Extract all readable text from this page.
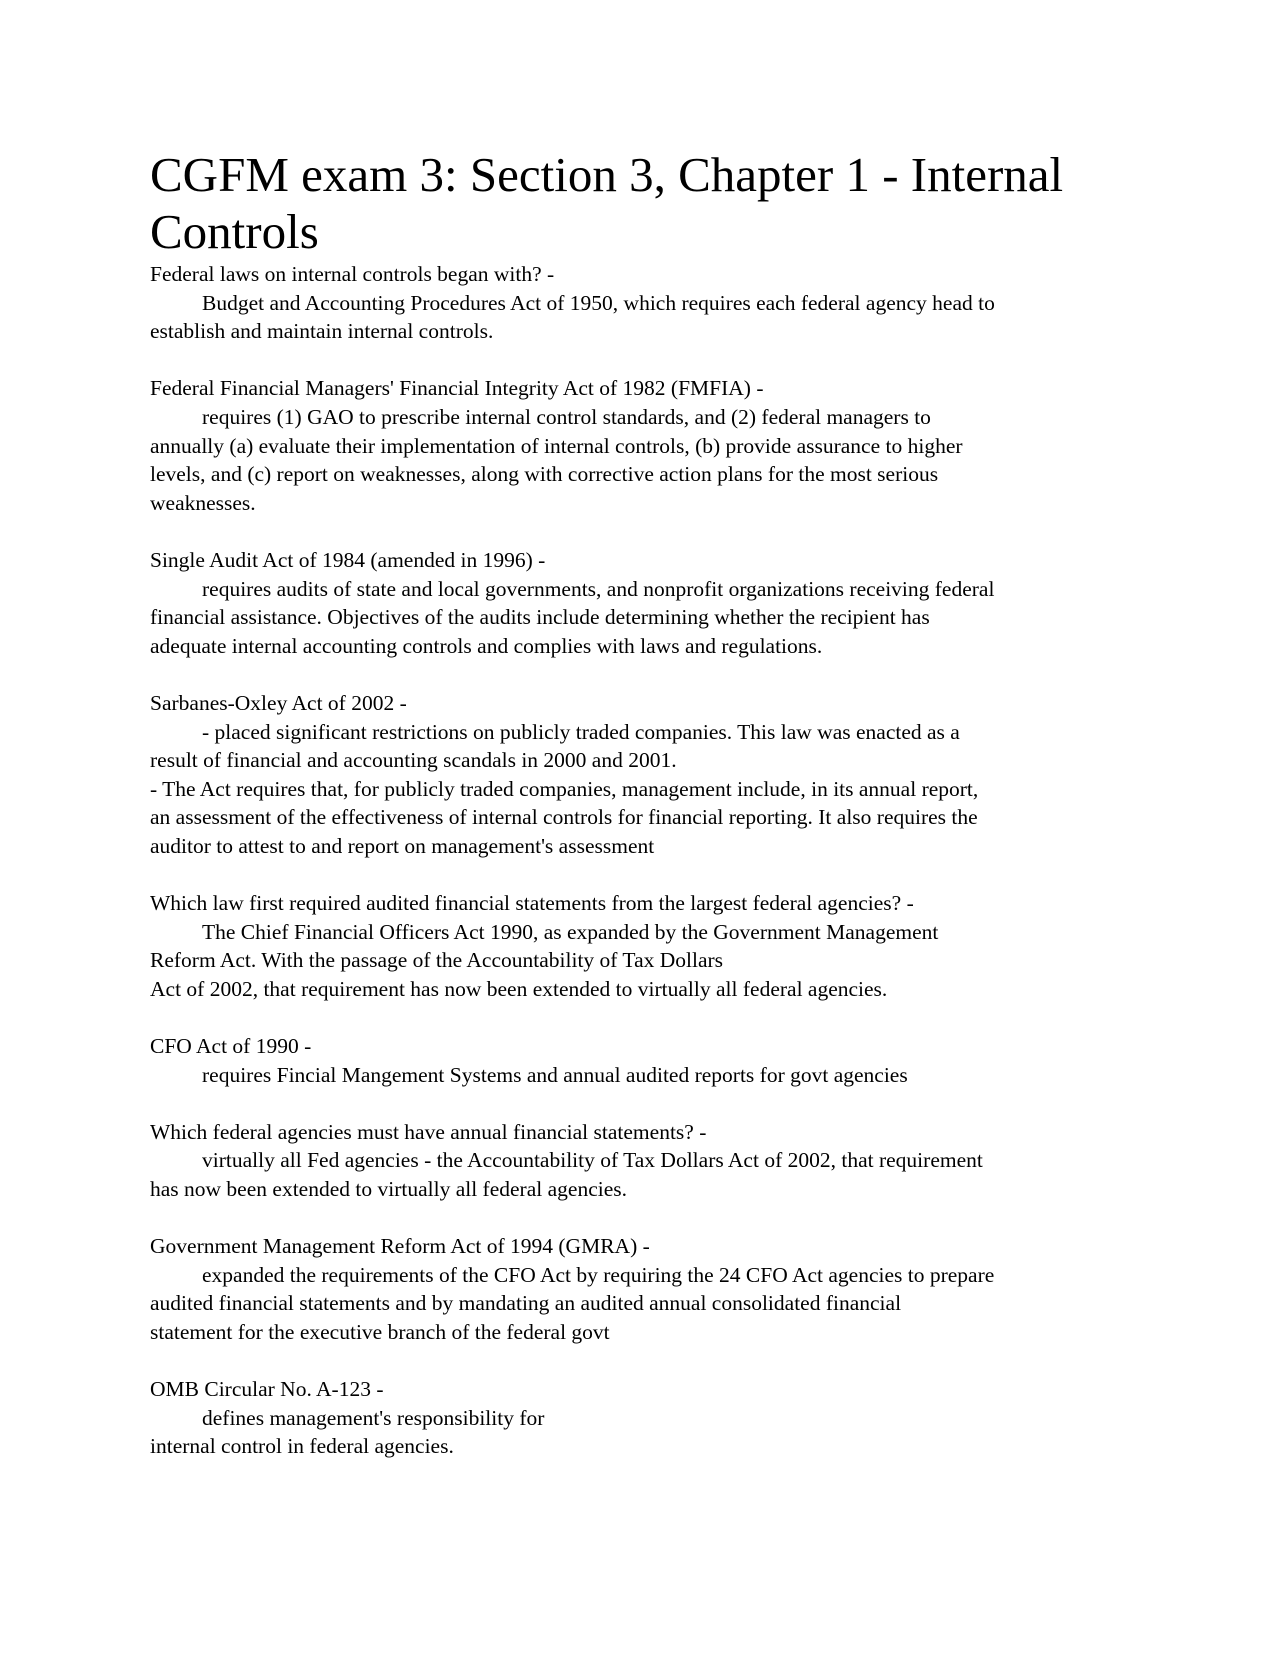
CGFM exam 3: Section 3, Chapter 1 - Internal Controls
Federal laws on internal controls began with? -
Budget and Accounting Procedures Act of 1950, which requires each federal agency head to
establish and maintain internal controls.
Federal Financial Managers' Financial Integrity Act of 1982 (FMFIA) -
requires (1) GAO to prescribe internal control standards, and (2) federal managers to
annually (a) evaluate their implementation of internal controls, (b) provide assurance to higher
levels, and (c) report on weaknesses, along with corrective action plans for the most serious
weaknesses.
Single Audit Act of 1984 (amended in 1996) -
requires audits of state and local governments, and nonprofit organizations receiving federal
financial assistance. Objectives of the audits include determining whether the recipient has
adequate internal accounting controls and complies with laws and regulations.
Sarbanes-Oxley Act of 2002 -
- placed significant restrictions on publicly traded companies. This law was enacted as a
result of financial and accounting scandals in 2000 and 2001.
- The Act requires that, for publicly traded companies, management include, in its annual report,
an assessment of the effectiveness of internal controls for financial reporting. It also requires the
auditor to attest to and report on management's assessment
Which law first required audited financial statements from the largest federal agencies? -
The Chief Financial Officers Act 1990, as expanded by the Government Management
Reform Act. With the passage of the Accountability of Tax Dollars
Act of 2002, that requirement has now been extended to virtually all federal agencies.
CFO Act of 1990 -
requires Fincial Mangement Systems and annual audited reports for govt agencies
Which federal agencies must have annual financial statements? -
virtually all Fed agencies - the Accountability of Tax Dollars Act of 2002, that requirement
has now been extended to virtually all federal agencies.
Government Management Reform Act of 1994 (GMRA) -
expanded the requirements of the CFO Act by requiring the 24 CFO Act agencies to prepare
audited financial statements and by mandating an audited annual consolidated financial
statement for the executive branch of the federal govt
OMB Circular No. A-123 -
defines management's responsibility for
internal control in federal agencies.
